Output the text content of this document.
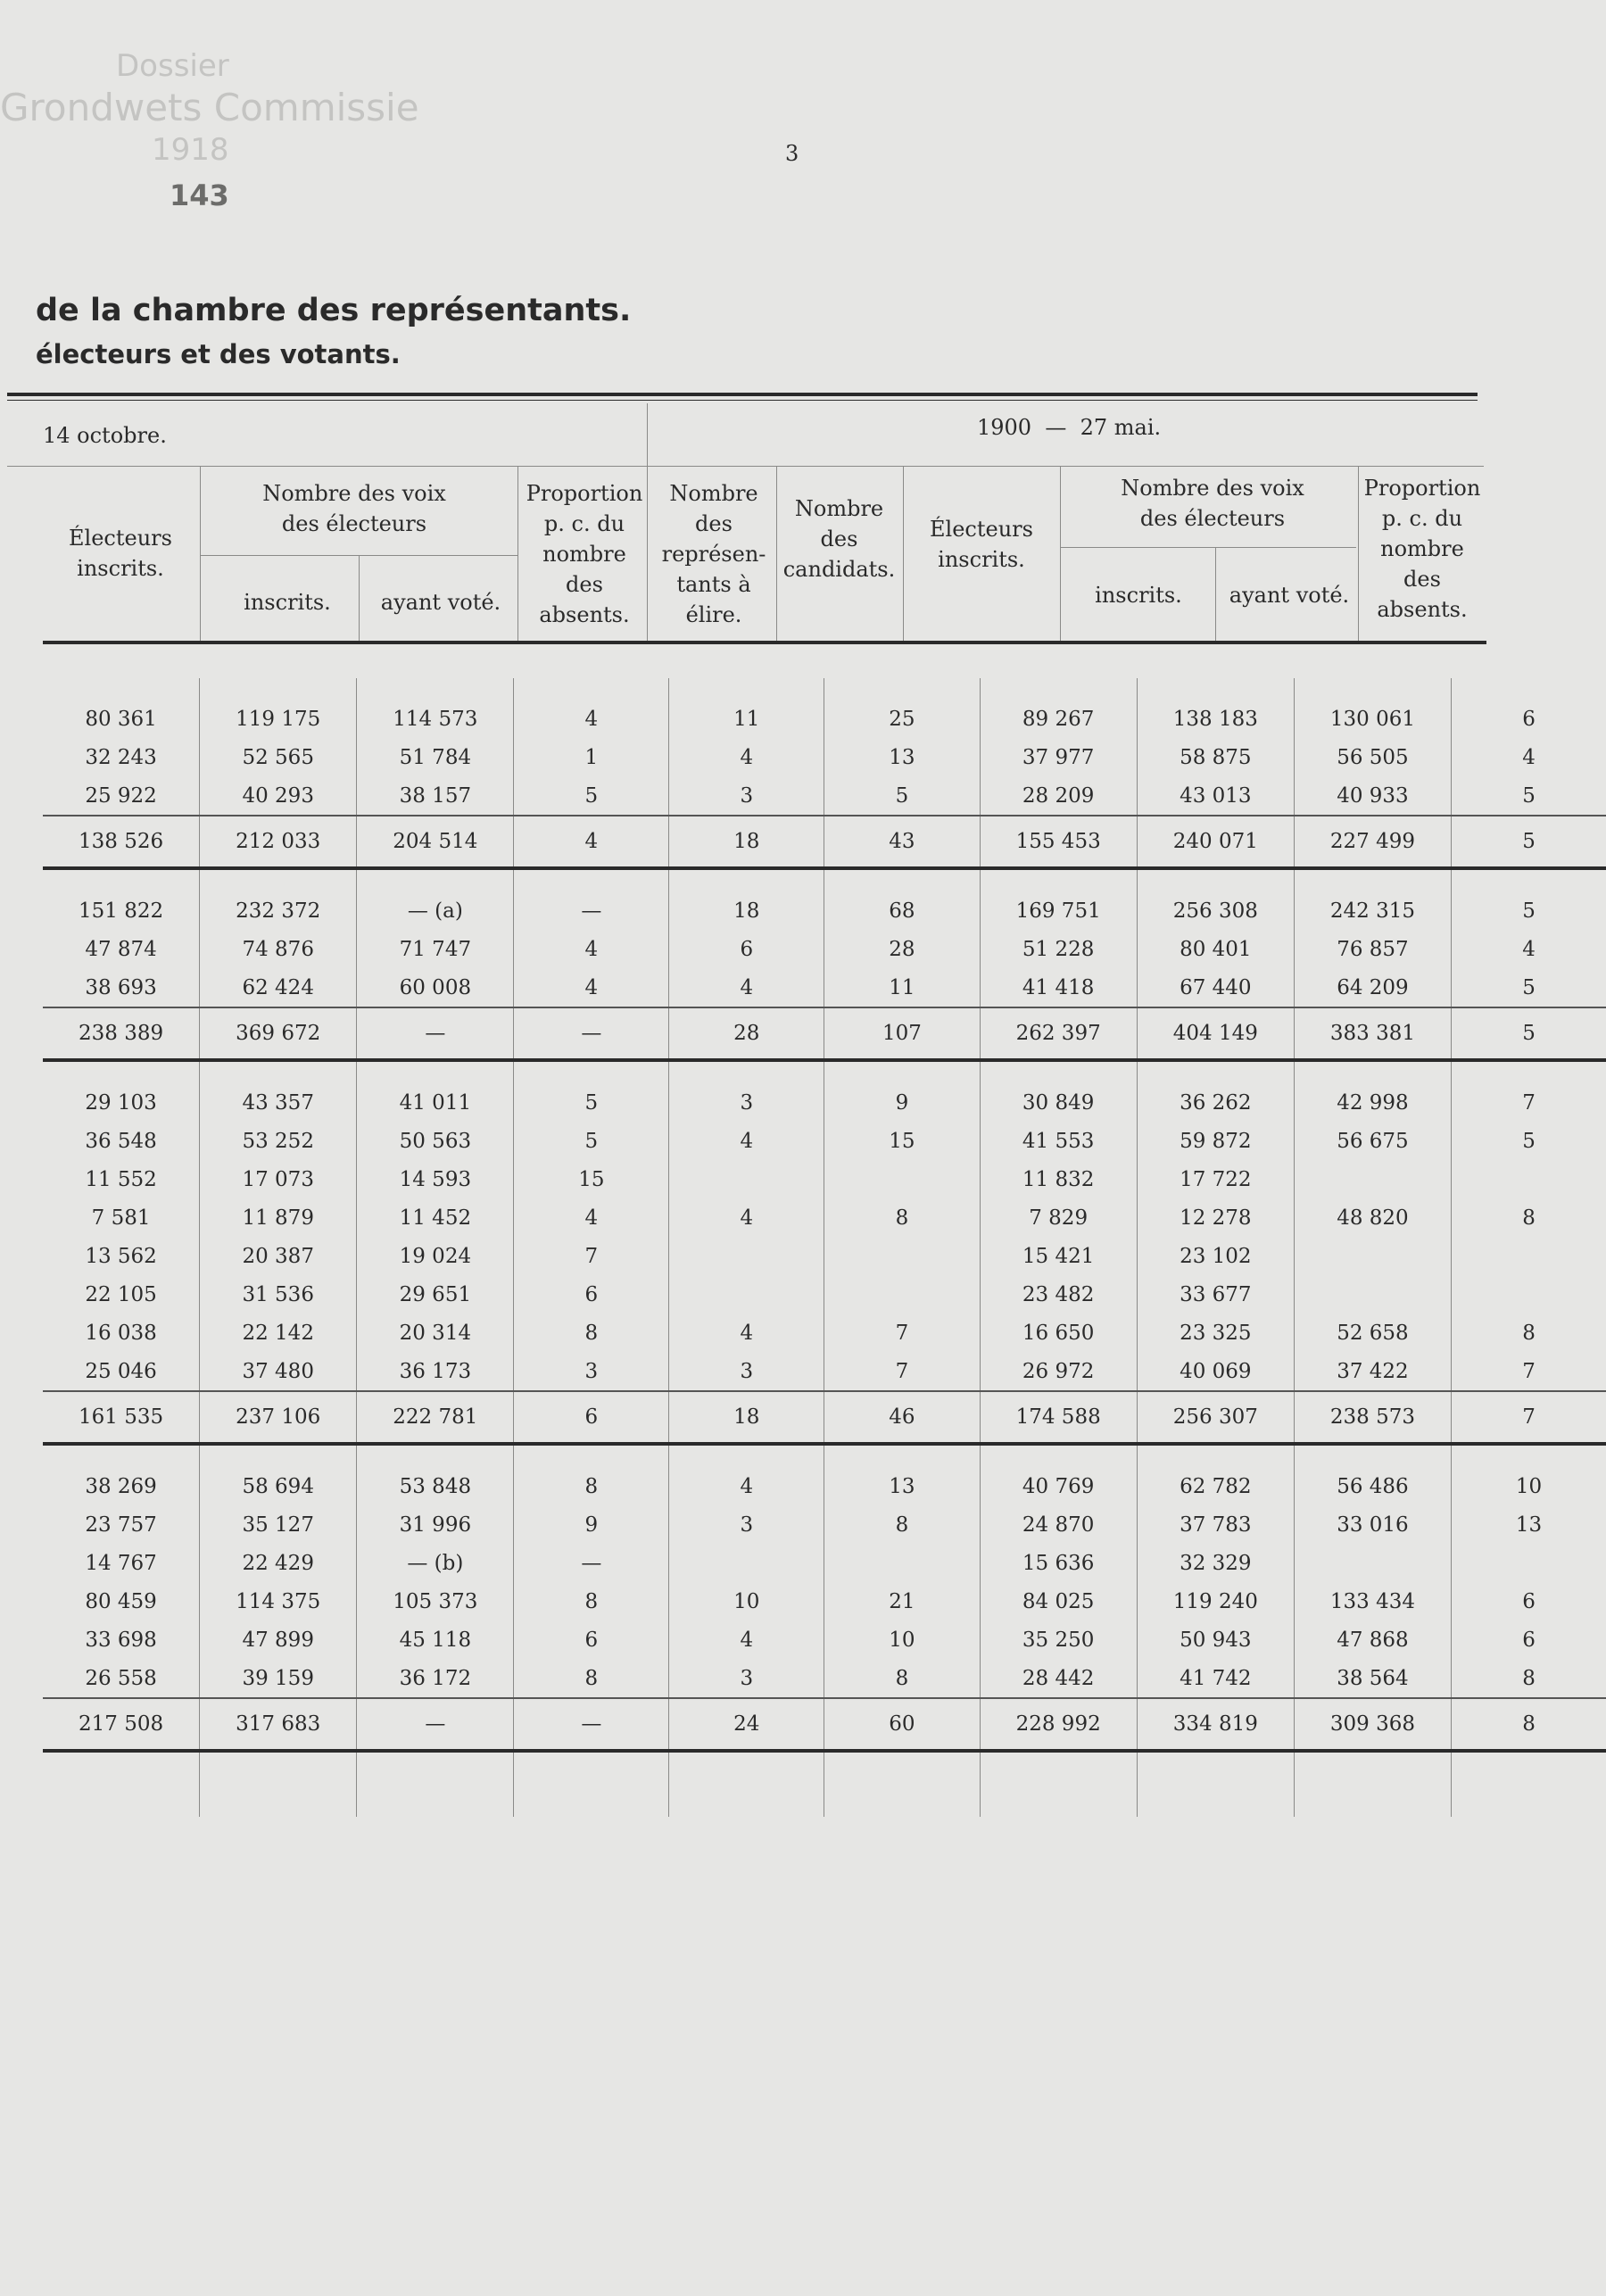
3
Dossier
Grondwets Commissie
1918
143
de la chambre des représentants.
électeurs et des votants.
14 octobre.	1900  —  27 mai.
Électeurs inscrits.
Nombre des voix des électeurs
inscrits.	ayant voté.
Proportion p. c. du nombre des absents.
Nombre des représen- tants à élire.
Nombre des candidats.
Électeurs inscrits.
Nombre des voix des électeurs
inscrits.	ayant voté.
Proportion p. c. du nombre des absents.

80 361	119 175	114 573	4	11	25	89 267	138 183	130 061	6
32 243	52 565	51 784	1	4	13	37 977	58 875	56 505	4
25 922	40 293	38 157	5	3	5	28 209	43 013	40 933	5
138 526	212 033	204 514	4	18	43	155 453	240 071	227 499	5

151 822	232 372	— (a)	—	18	68	169 751	256 308	242 315	5
47 874	74 876	71 747	4	6	28	51 228	80 401	76 857	4
38 693	62 424	60 008	4	4	11	41 418	67 440	64 209	5
238 389	369 672	—	—	28	107	262 397	404 149	383 381	5

29 103	43 357	41 011	5	3	9	30 849	36 262	42 998	7
36 548	53 252	50 563	5	4	15	41 553	59 872	56 675	5
11 552	17 073	14 593	15			11 832	17 722		
7 581	11 879	11 452	4	4	8	7 829	12 278	48 820	8
13 562	20 387	19 024	7			15 421	23 102		
22 105	31 536	29 651	6			23 482	33 677		
16 038	22 142	20 314	8	4	7	16 650	23 325	52 658	8
25 046	37 480	36 173	3	3	7	26 972	40 069	37 422	7
161 535	237 106	222 781	6	18	46	174 588	256 307	238 573	7

38 269	58 694	53 848	8	4	13	40 769	62 782	56 486	10
23 757	35 127	31 996	9	3	8	24 870	37 783	33 016	13
14 767	22 429	— (b)	—			15 636	32 329		
80 459	114 375	105 373	8	10	21	84 025	119 240	133 434	6
33 698	47 899	45 118	6	4	10	35 250	50 943	47 868	6
26 558	39 159	36 172	8	3	8	28 442	41 742	38 564	8
217 508	317 683	—	—	24	60	228 992	334 819	309 368	8
